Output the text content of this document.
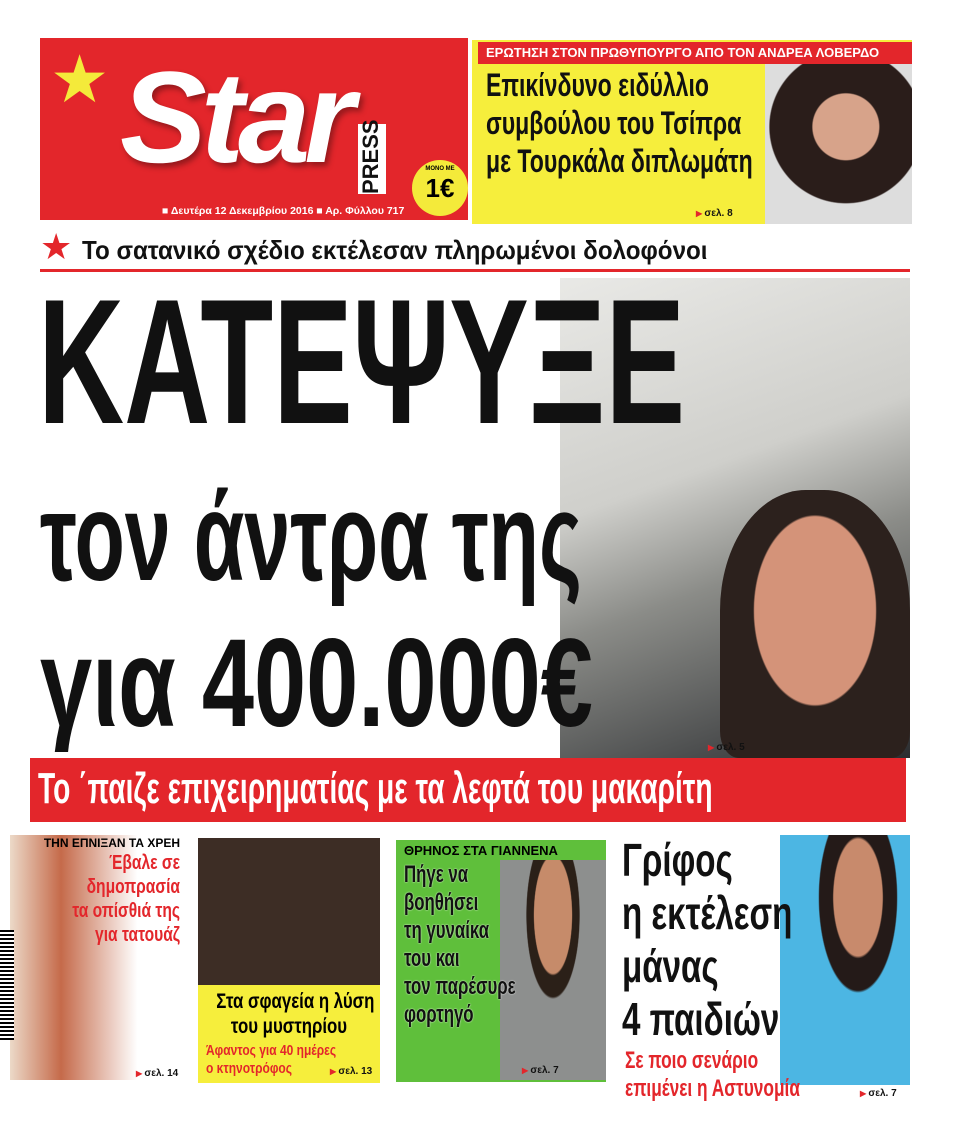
★ Star PRESS
■ Δευτέρα 12 Δεκεμβρίου 2016 ■ Αρ. Φύλλου 717
ΜΟΝΟ ΜΕ
1€
ΕΡΩΤΗΣΗ ΣΤΟΝ ΠΡΩΘΥΠΟΥΡΓΟ ΑΠΟ ΤΟΝ ΑΝΔΡΕΑ ΛΟΒΕΡΔΟ
Επικίνδυνο ειδύλλιο
συμβούλου του Τσίπρα
με Τουρκάλα διπλωμάτη
▶ σελ. 8
★ Το σατανικό σχέδιο εκτέλεσαν πληρωμένοι δολοφόνοι
ΚΑΤΕΨΥΞΕ
τον άντρα της
για 400.000€	▶ σελ. 5
Το ΄παιζε επιχειρηματίας με τα λεφτά του μακαρίτη
ΤΗΝ ΕΠΝΙΞΑΝ ΤΑ ΧΡΕΗ
Έβαλε σε
δημοπρασία
τα οπίσθιά της
για τατουάζ
▶ σελ. 14
Στα σφαγεία η λύση
του μυστηρίου
Άφαντος για 40 ημέρες
ο κτηνοτρόφος	▶ σελ. 13
ΘΡΗΝΟΣ ΣΤΑ ΓΙΑΝΝΕΝΑ
Πήγε να
βοηθήσει
τη γυναίκα
του και
τον παρέσυρε
φορτηγό
▶ σελ. 7
Γρίφος
η εκτέλεση
μάνας
4 παιδιών
Σε ποιο σενάριο
επιμένει η Αστυνομία	▶ σελ. 7
